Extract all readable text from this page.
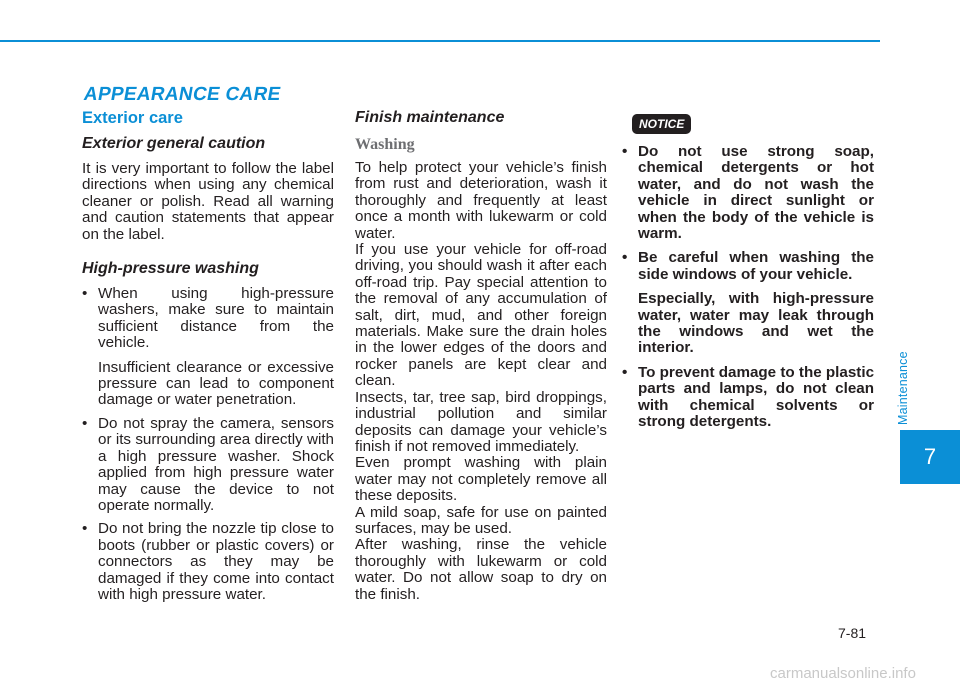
APPEARANCE CARE
Exterior care
Exterior general caution

It is very important to follow the label directions when using any chemical cleaner or polish. Read all warning and caution statements that appear on the label.

High-pressure washing
• When using high-pressure washers, make sure to maintain sufficient distance from the vehicle.
Insufficient clearance or excessive pressure can lead to component damage or water penetration.
• Do not spray the camera, sensors or its surrounding area directly with a high pressure washer. Shock applied from high pressure water may cause the device to not operate normally.
• Do not bring the nozzle tip close to boots (rubber or plastic covers) or connectors as they may be damaged if they come into contact with high pressure water.
Finish maintenance
Washing

To help protect your vehicle’s finish from rust and deterioration, wash it thoroughly and frequently at least once a month with lukewarm or cold water.

If you use your vehicle for off-road driving, you should wash it after each off-road trip. Pay special attention to the removal of any accumulation of salt, dirt, mud, and other foreign materials. Make sure the drain holes in the lower edges of the doors and rocker panels are kept clear and clean.

Insects, tar, tree sap, bird droppings, industrial pollution and similar deposits can damage your vehicle’s finish if not removed immediately.

Even prompt washing with plain water may not completely remove all these deposits.

A mild soap, safe for use on painted surfaces, may be used.

After washing, rinse the vehicle thoroughly with lukewarm or cold water. Do not allow soap to dry on the finish.

NOTICE
• Do not use strong soap, chemical detergents or hot water, and do not wash the vehicle in direct sunlight or when the body of the vehicle is warm.
• Be careful when washing the side windows of your vehicle.
Especially, with high-pressure water, water may leak through the windows and wet the interior.
• To prevent damage to the plastic parts and lamps, do not clean with chemical solvents or strong detergents.	Maintenance
7
7-81
carmanualsonline.info
